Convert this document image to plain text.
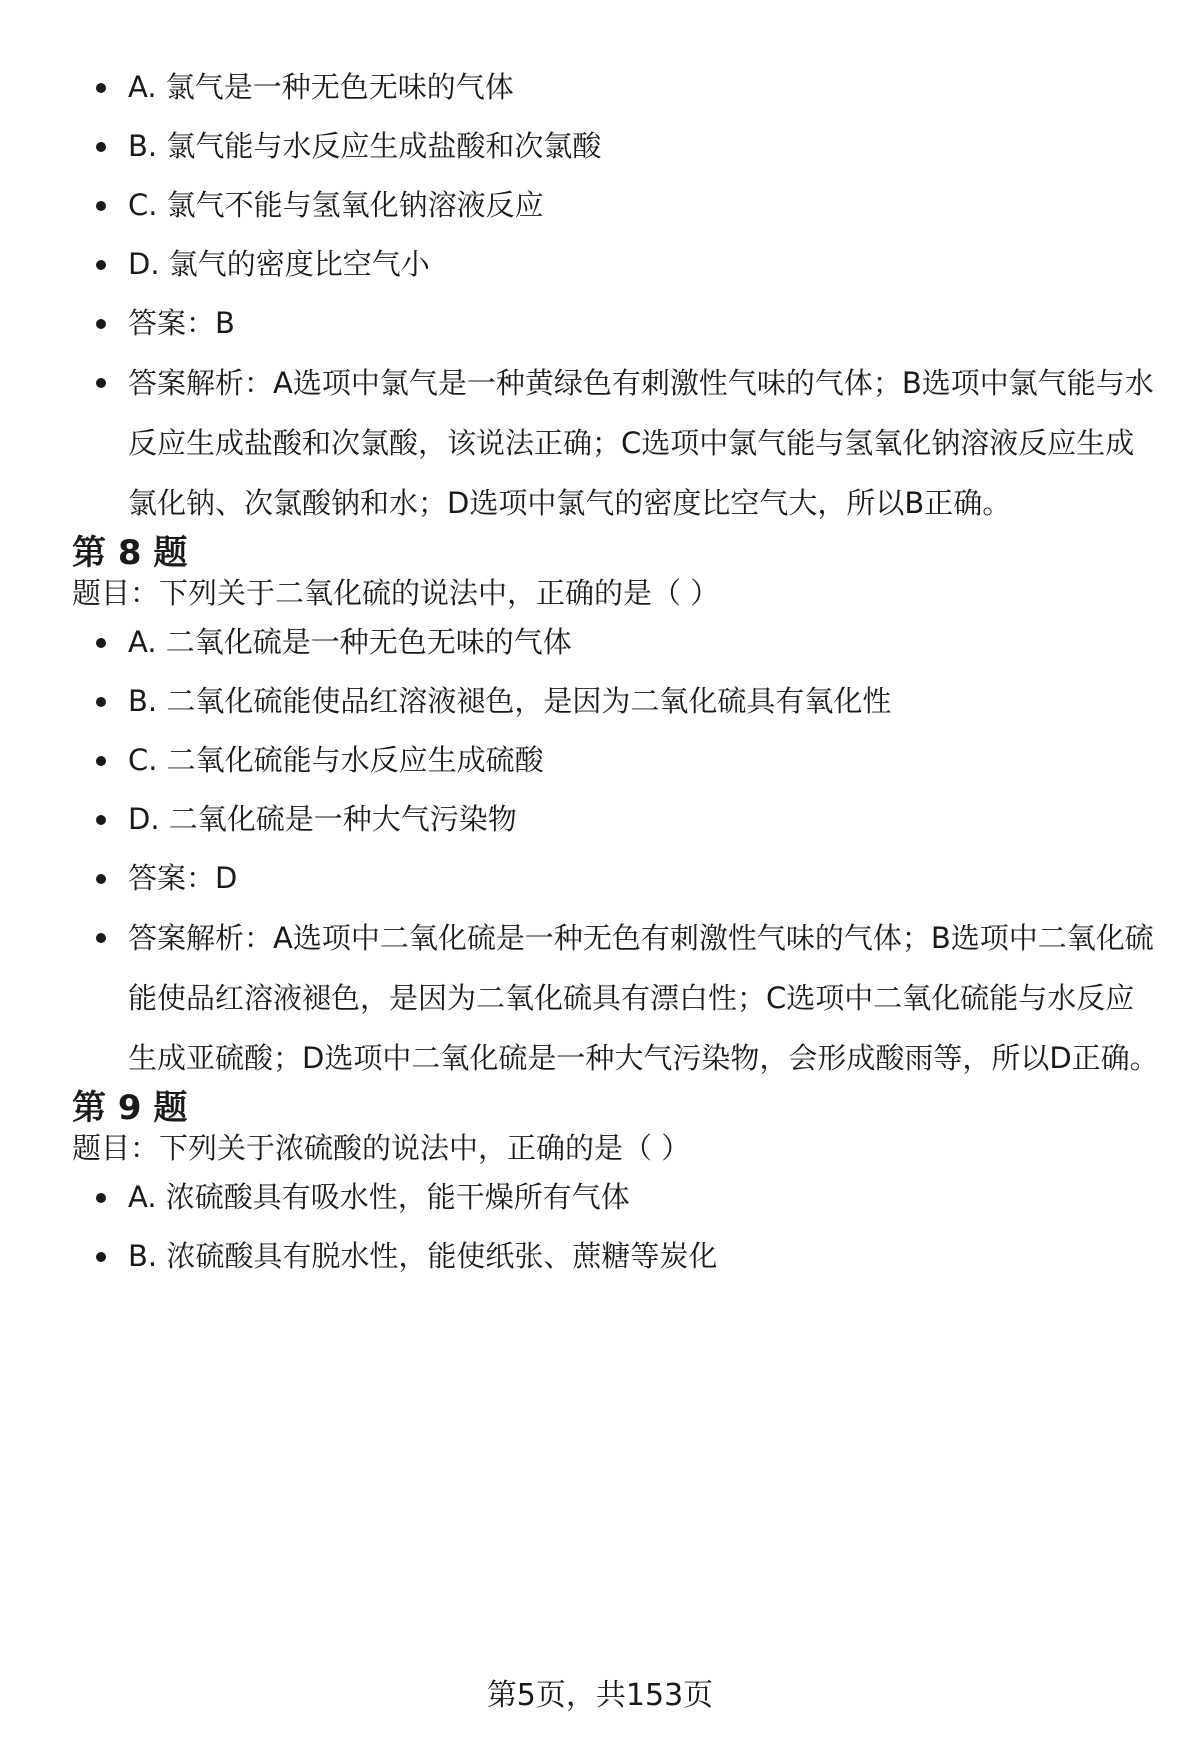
A. 氯气是一种无色无味的气体
B. 氯气能与水反应生成盐酸和次氯酸
C. 氯气不能与氢氧化钠溶液反应
D. 氯气的密度比空气小
答案：B
答案解析：A选项中氯气是一种黄绿色有刺激性气味的气体；B选项中氯气能与水反应生成盐酸和次氯酸，该说法正确；C选项中氯气能与氢氧化钠溶液反应生成氯化钠、次氯酸钠和水；D选项中氯气的密度比空气大，所以B正确。
第 8 题

题目：下列关于二氧化硫的说法中，正确的是（ ）

A. 二氧化硫是一种无色无味的气体
B. 二氧化硫能使品红溶液褪色，是因为二氧化硫具有氧化性
C. 二氧化硫能与水反应生成硫酸
D. 二氧化硫是一种大气污染物
答案：D
答案解析：A选项中二氧化硫是一种无色有刺激性气味的气体；B选项中二氧化硫能使品红溶液褪色，是因为二氧化硫具有漂白性；C选项中二氧化硫能与水反应生成亚硫酸；D选项中二氧化硫是一种大气污染物，会形成酸雨等，所以D正确。
第 9 题

题目：下列关于浓硫酸的说法中，正确的是（ ）

A. 浓硫酸具有吸水性，能干燥所有气体
B. 浓硫酸具有脱水性，能使纸张、蔗糖等炭化
第5页，共153页
